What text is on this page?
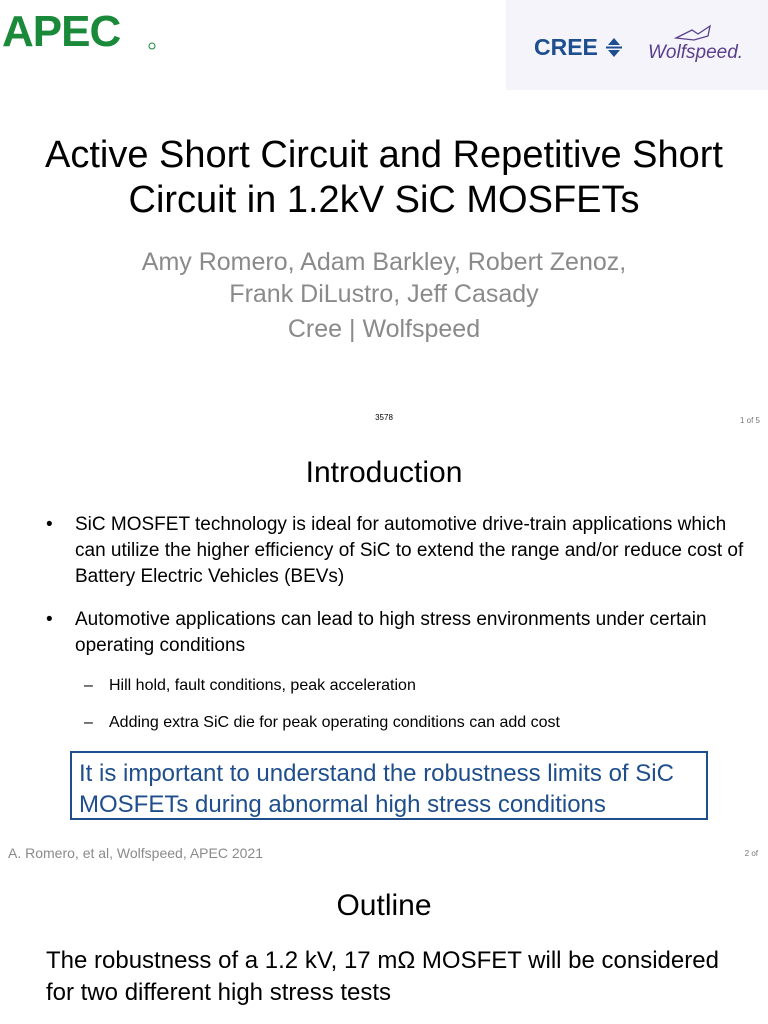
APEC	CREE	Wolfspeed.
Active Short Circuit and Repetitive Short
Circuit in 1.2kV SiC MOSFETs
Amy Romero, Adam Barkley, Robert Zenoz,
Frank DiLustro, Jeff Casady
Cree | Wolfspeed
3578	1 of 5
Introduction
• SiC MOSFET technology is ideal for automotive drive-train applications which can utilize the higher efficiency of SiC to extend the range and/or reduce cost of Battery Electric Vehicles (BEVs)
• Automotive applications can lead to high stress environments under certain operating conditions
– Hill hold, fault conditions, peak acceleration
– Adding extra SiC die for peak operating conditions can add cost
It is important to understand the robustness limits of SiC MOSFETs during abnormal high stress conditions
A. Romero, et al, Wolfspeed, APEC 2021	2 of
Outline
The robustness of a 1.2 kV, 17 mΩ MOSFET will be considered for two different high stress tests
